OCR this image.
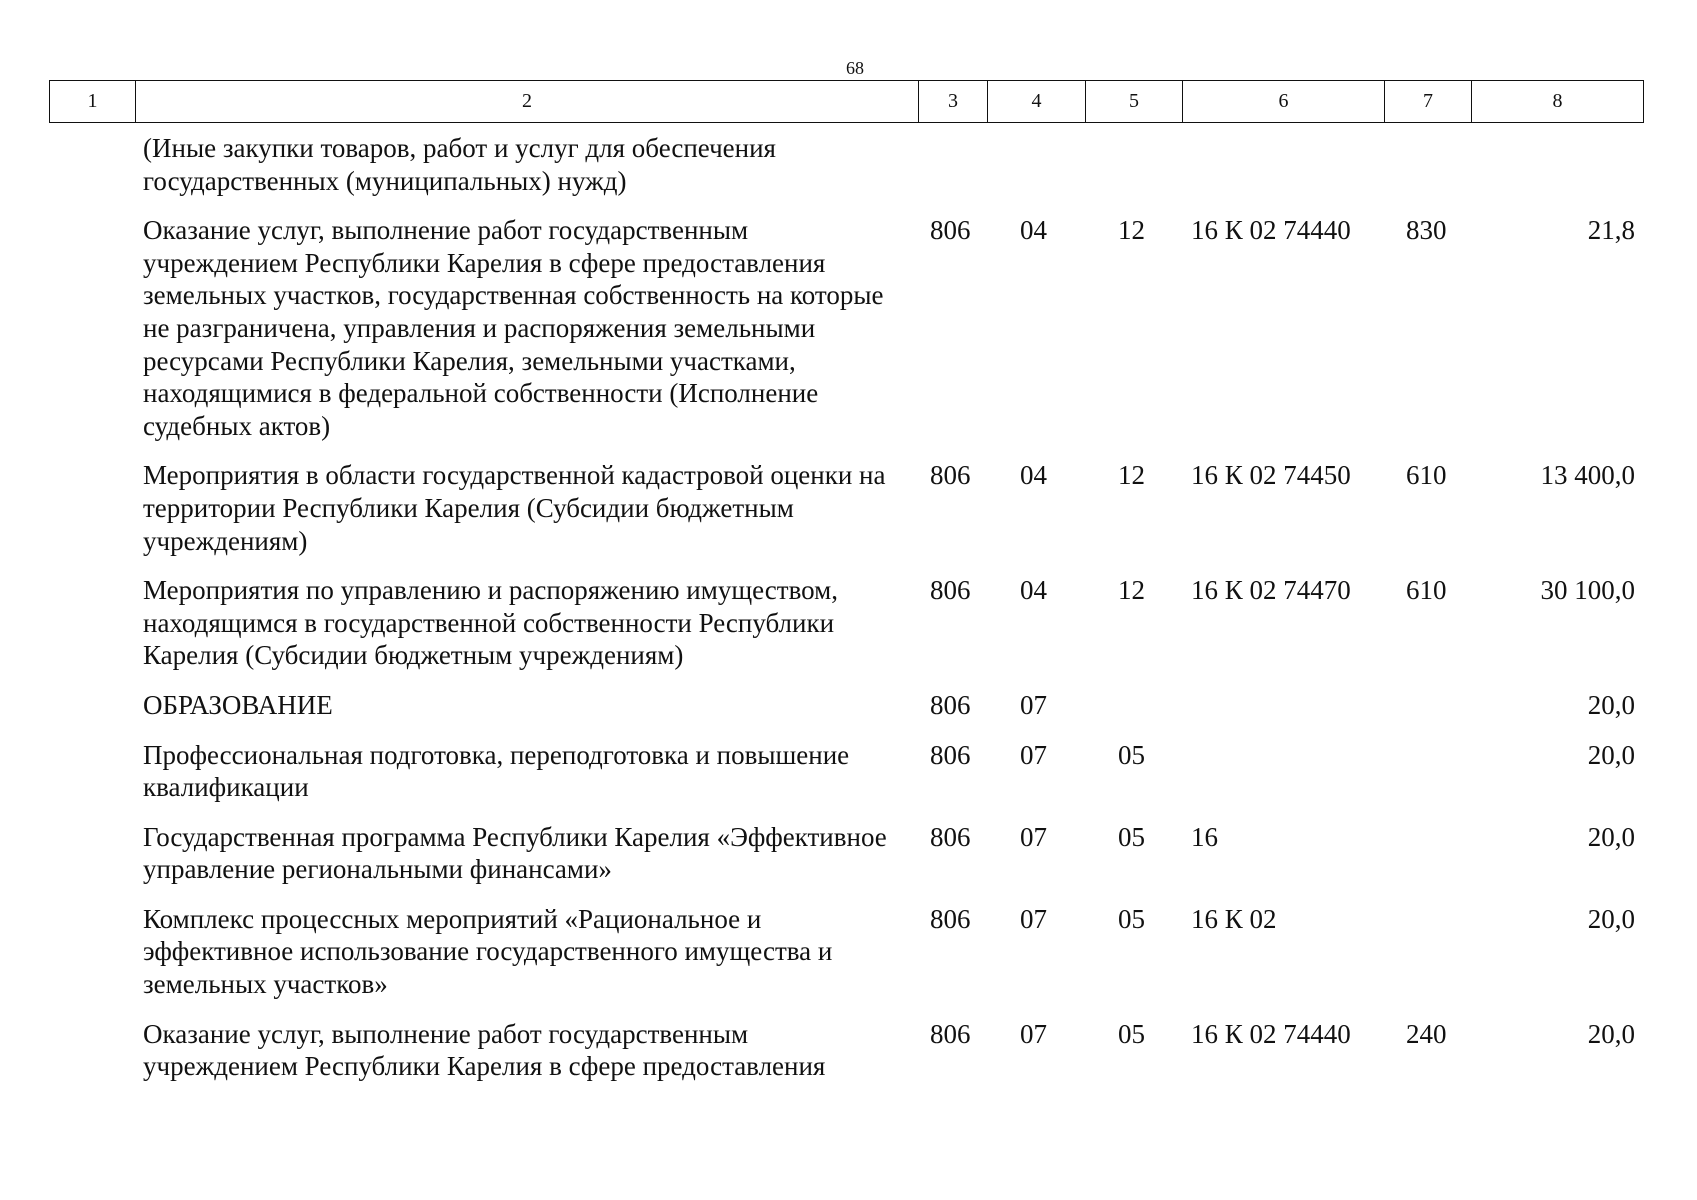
68
1	2	3	4	5	6	7	8
(Иные закупки товаров, работ и услуг для обеспечения государственных (муниципальных) нужд)						
Оказание услуг, выполнение работ государственным учреждением Республики Карелия в сфере предоставления земельных участков, государственная собственность на которые не разграничена, управления и распоряжения земельными ресурсами Республики Карелия, земельными участками, находящимися в федеральной собственности (Исполнение судебных актов)	806	04	12	16 К 02 74440	830	21,8
Мероприятия в области государственной кадастровой оценки на территории Республики Карелия (Субсидии бюджетным учреждениям)	806	04	12	16 К 02 74450	610	13 400,0
Мероприятия по управлению и распоряжению имуществом, находящимся в государственной собственности Республики Карелия (Субсидии бюджетным учреждениям)	806	04	12	16 К 02 74470	610	30 100,0
ОБРАЗОВАНИЕ	806	07				20,0
Профессиональная подготовка, переподготовка и повышение квалификации	806	07	05			20,0
Государственная программа Республики Карелия «Эффективное управление региональными финансами»	806	07	05	16		20,0
Комплекс процессных мероприятий «Рациональное и эффективное использование государственного имущества и земельных участков»	806	07	05	16 К 02		20,0
Оказание услуг, выполнение работ государственным учреждением Республики Карелия в сфере предоставления	806	07	05	16 К 02 74440	240	20,0
